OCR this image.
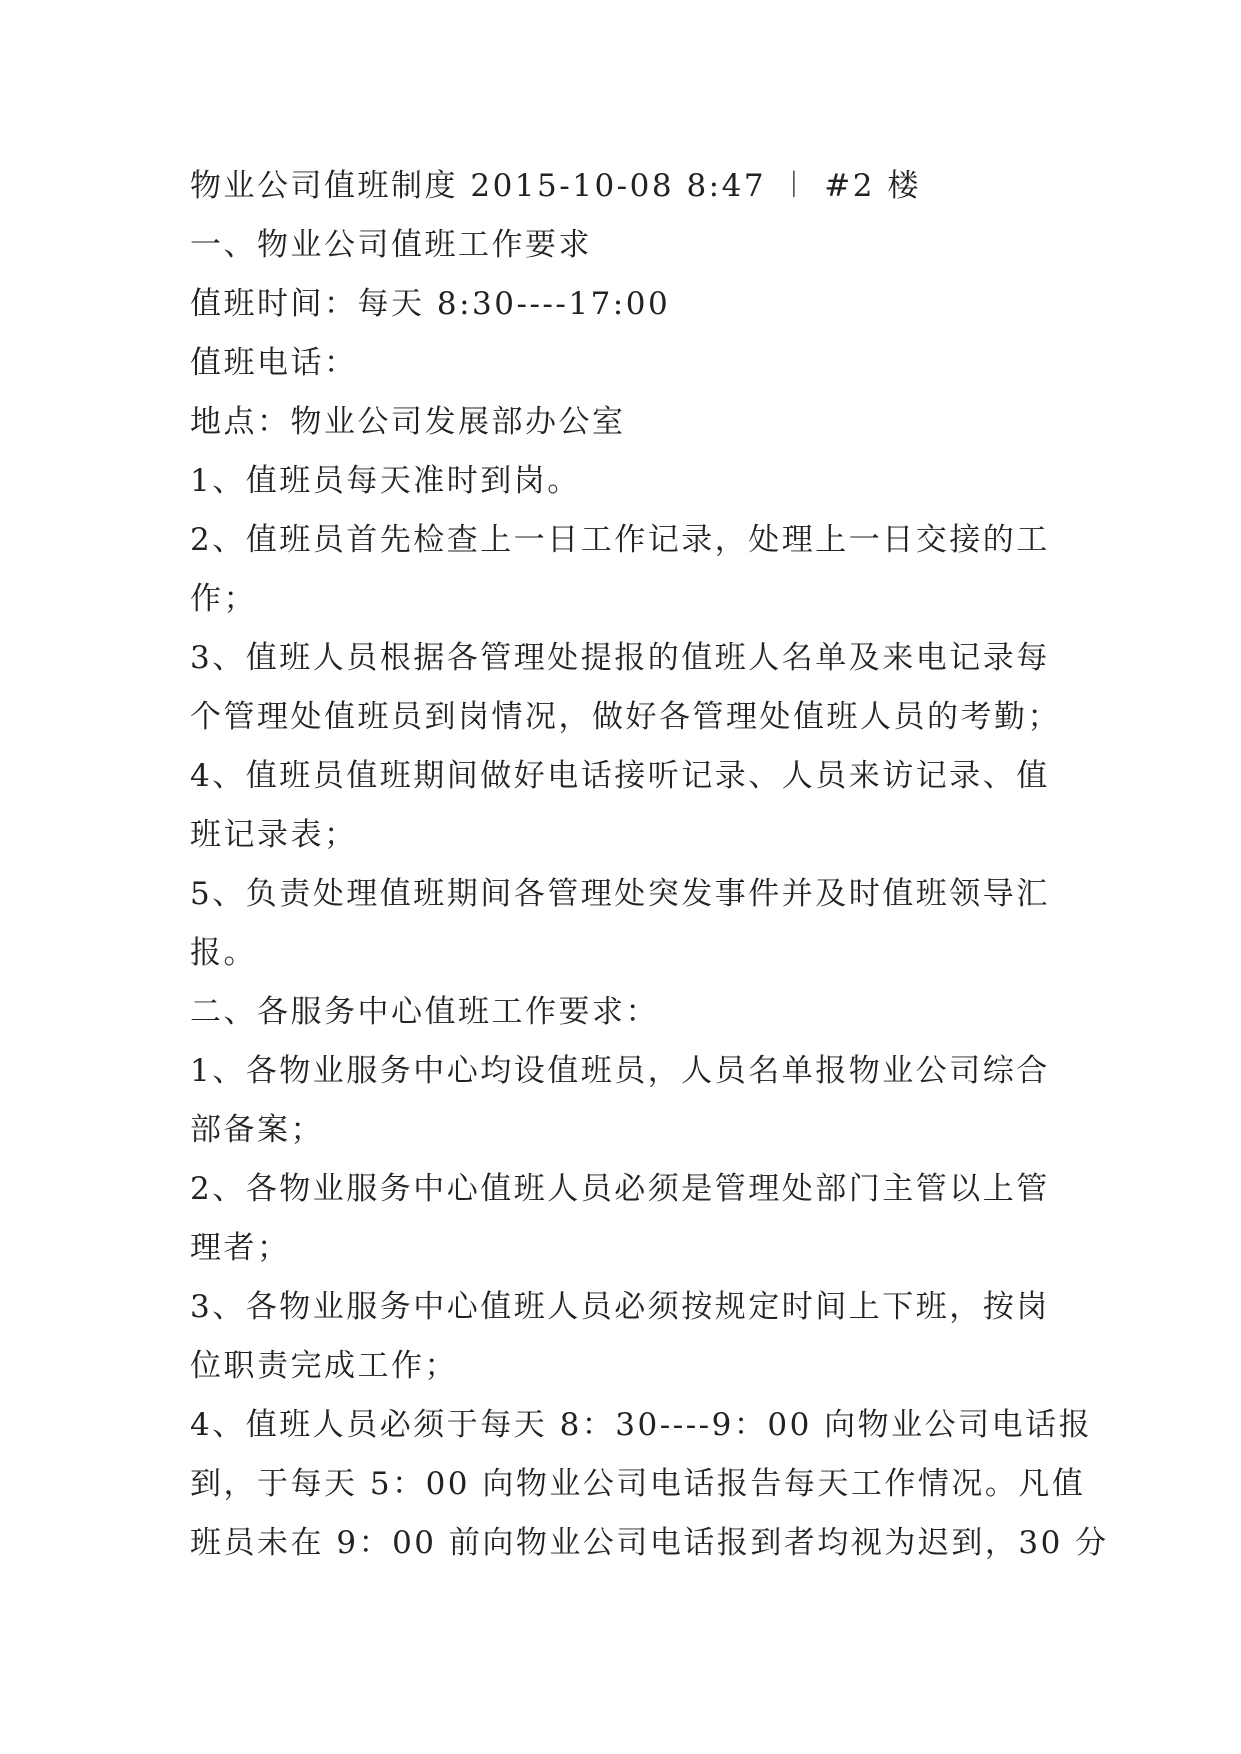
物业公司值班制度 2015-10-08 8:47 ︱ #2 楼
一、物业公司值班工作要求
值班时间：每天 8:30----17:00
值班电话：
地点：物业公司发展部办公室
1、值班员每天准时到岗。
2、值班员首先检查上一日工作记录，处理上一日交接的工
作；
3、值班人员根据各管理处提报的值班人名单及来电记录每
个管理处值班员到岗情况，做好各管理处值班人员的考勤；
4、值班员值班期间做好电话接听记录、人员来访记录、值
班记录表；
5、负责处理值班期间各管理处突发事件并及时值班领导汇
报。
二、各服务中心值班工作要求：
1、各物业服务中心均设值班员，人员名单报物业公司综合
部备案；
2、各物业服务中心值班人员必须是管理处部门主管以上管
理者；
3、各物业服务中心值班人员必须按规定时间上下班，按岗
位职责完成工作；
4、值班人员必须于每天 8：30----9：00 向物业公司电话报
到，于每天 5：00 向物业公司电话报告每天工作情况。凡值
班员未在 9：00 前向物业公司电话报到者均视为迟到，30 分
